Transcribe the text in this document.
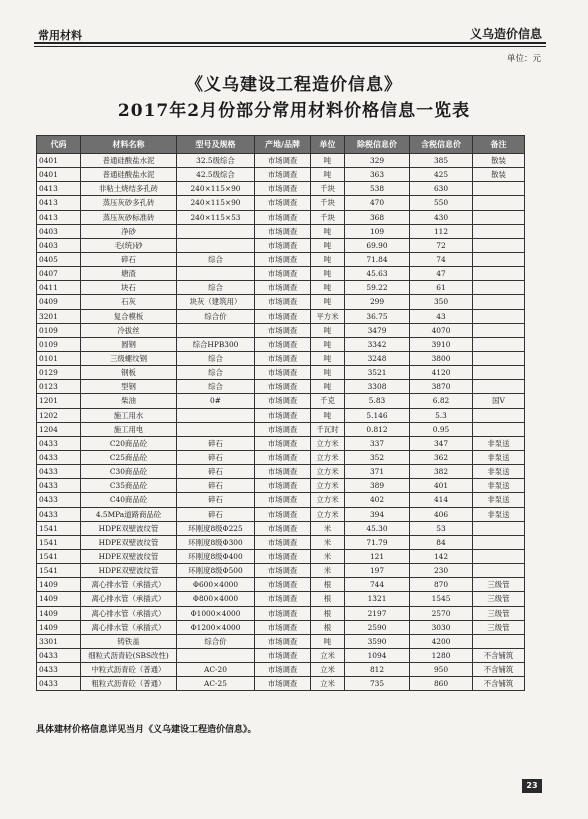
常用材料	义乌造价信息
单位：元
《义乌建设工程造价信息》
2017年2月份部分常用材料价格信息一览表
代码	材料名称	型号及规格	产地/品牌	单位	除税信息价	含税信息价	备注
0401	普通硅酸盐水泥	32.5级综合	市场调查	吨	329	385	散装
0401	普通硅酸盐水泥	42.5级综合	市场调查	吨	363	425	散装
0413	非粘土烧结多孔砖	240×115×90	市场调查	千块	538	630	
0413	蒸压灰砂多孔砖	240×115×90	市场调查	千块	470	550	
0413	蒸压灰砂标准砖	240×115×53	市场调查	千块	368	430	
0403	净砂		市场调查	吨	109	112	
0403	毛(统)砂		市场调查	吨	69.90	72	
0405	碎石	综合	市场调查	吨	71.84	74	
0407	塘渣		市场调查	吨	45.63	47	
0411	块石	综合	市场调查	吨	59.22	61	
0409	石灰	块灰（建筑用）	市场调查	吨	299	350	
3201	复合模板	综合价	市场调查	平方米	36.75	43	
0109	冷拔丝		市场调查	吨	3479	4070	
0109	圆钢	综合HPB300	市场调查	吨	3342	3910	
0101	三级螺纹钢	综合	市场调查	吨	3248	3800	
0129	钢板	综合	市场调查	吨	3521	4120	
0123	型钢	综合	市场调查	吨	3308	3870	
1201	柴油	0#	市场调查	千克	5.83	6.82	国Ⅴ
1202	施工用水		市场调查	吨	5.146	5.3	
1204	施工用电		市场调查	千瓦时	0.812	0.95	
0433	C20商品砼	碎石	市场调查	立方米	337	347	非泵送
0433	C25商品砼	碎石	市场调查	立方米	352	362	非泵送
0433	C30商品砼	碎石	市场调查	立方米	371	382	非泵送
0433	C35商品砼	碎石	市场调查	立方米	389	401	非泵送
0433	C40商品砼	碎石	市场调查	立方米	402	414	非泵送
0433	4.5MPa道路商品砼	碎石	市场调查	立方米	394	406	非泵送
1541	HDPE双壁波纹管	环刚度8级Φ225	市场调查	米	45.30	53	
1541	HDPE双壁波纹管	环刚度8级Φ300	市场调查	米	71.79	84	
1541	HDPE双壁波纹管	环刚度8级Φ400	市场调查	米	121	142	
1541	HDPE双壁波纹管	环刚度8级Φ500	市场调查	米	197	230	
1409	离心排水管（承插式）	Φ600×4000	市场调查	根	744	870	三级管
1409	离心排水管（承插式）	Φ800×4000	市场调查	根	1321	1545	三级管
1409	离心排水管（承插式）	Φ1000×4000	市场调查	根	2197	2570	三级管
1409	离心排水管（承插式）	Φ1200×4000	市场调查	根	2590	3030	三级管
3301	铸铁盖	综合价	市场调查	吨	3590	4200	
0433	细粒式沥青砼(SBS改性)		市场调查	立米	1094	1280	不含铺筑
0433	中粒式沥青砼（普通）	AC-20	市场调查	立米	812	950	不含铺筑
0433	粗粒式沥青砼（普通）	AC-25	市场调查	立米	735	860	不含铺筑
具体建材价格信息详见当月《义乌建设工程造价信息》。
23
